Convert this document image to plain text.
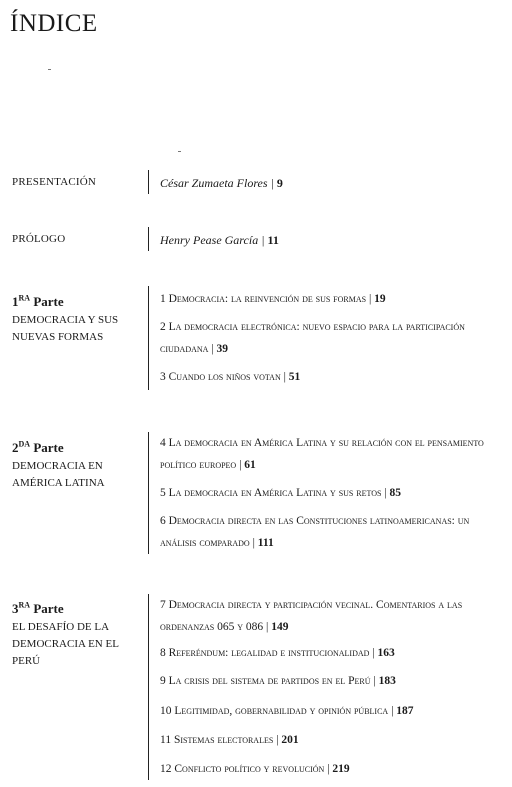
ÍNDICE
PRESENTACIÓN	César Zumaeta Flores | 9
PRÓLOGO	Henry Pease García | 11
$1^{RA}$ Parte
DEMOCRACIA Y SUS NUEVAS FORMAS
1 Democracia: la reinvención de sus formas | 19
2 La democracia electrónica: nuevo espacio para la participación ciudadana | 39
3 Cuando los niños votan | 51
$2^{DA}$ Parte
DEMOCRACIA EN AMÉRICA LATINA
4 La democracia en América Latina y su relación con el pensamiento político europeo | 61
5 La democracia en América Latina y sus retos | 85
6 Democracia directa en las Constituciones latinoamericanas: un análisis comparado | 111
$3^{RA}$ Parte
EL DESAFÍO DE LA DEMOCRACIA EN EL PERÚ
7 Democracia directa y participación vecinal. Comentarios a las ordenanzas 065 y 086 | 149
8 Referéndum: legalidad e institucionalidad | 163
9 La crisis del sistema de partidos en el Perú | 183
10 Legitimidad, gobernabilidad y opinión pública | 187
11 Sistemas electorales | 201
12 Conflicto político y revolución | 219
